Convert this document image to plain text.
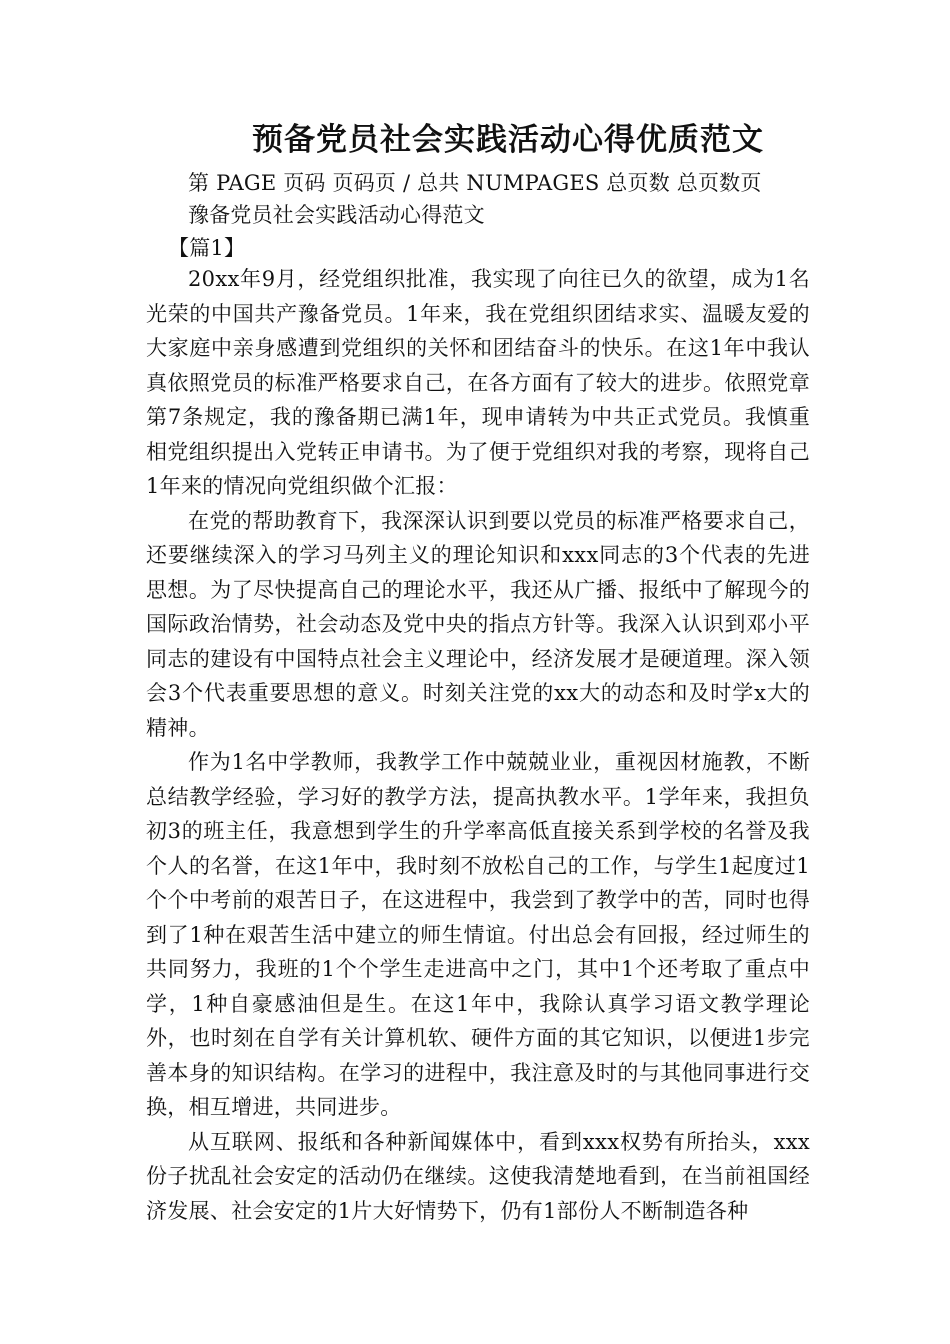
预备党员社会实践活动心得优质范文

第 PAGE 页码 页码页 / 总共 NUMPAGES 总页数 总页数页

豫备党员社会实践活动心得范文

【篇1】

20xx年9月，经党组织批准，我实现了向往已久的欲望，成为1名光荣的中国共产豫备党员。1年来，我在党组织团结求实、温暖友爱的大家庭中亲身感遭到党组织的关怀和团结奋斗的快乐。在这1年中我认真依照党员的标准严格要求自己，在各方面有了较大的进步。依照党章第7条规定，我的豫备期已满1年，现申请转为中共正式党员。我慎重相党组织提出入党转正申请书。为了便于党组织对我的考察，现将自己1年来的情况向党组织做个汇报：

在党的帮助教育下，我深深认识到要以党员的标准严格要求自己，还要继续深入的学习马列主义的理论知识和xxx同志的3个代表的先进思想。为了尽快提高自己的理论水平，我还从广播、报纸中了解现今的国际政治情势，社会动态及党中央的指点方针等。我深入认识到邓小平同志的建设有中国特点社会主义理论中，经济发展才是硬道理。深入领会3个代表重要思想的意义。时刻关注党的xx大的动态和及时学x大的精神。

作为1名中学教师，我教学工作中兢兢业业，重视因材施教，不断总结教学经验，学习好的教学方法，提高执教水平。1学年来，我担负初3的班主任，我意想到学生的升学率高低直接关系到学校的名誉及我个人的名誉，在这1年中，我时刻不放松自己的工作，与学生1起度过1个个中考前的艰苦日子，在这进程中，我尝到了教学中的苦，同时也得到了1种在艰苦生活中建立的师生情谊。付出总会有回报，经过师生的共同努力，我班的1个个学生走进高中之门，其中1个还考取了重点中学，1种自豪感油但是生。在这1年中，我除认真学习语文教学理论外，也时刻在自学有关计算机软、硬件方面的其它知识，以便进1步完善本身的知识结构。在学习的进程中，我注意及时的与其他同事进行交换，相互增进，共同进步。

从互联网、报纸和各种新闻媒体中，看到xxx权势有所抬头，xxx份子扰乱社会安定的活动仍在继续。这使我清楚地看到，在当前祖国经济发展、社会安定的1片大好情势下，仍有1部份人不断制造各种
